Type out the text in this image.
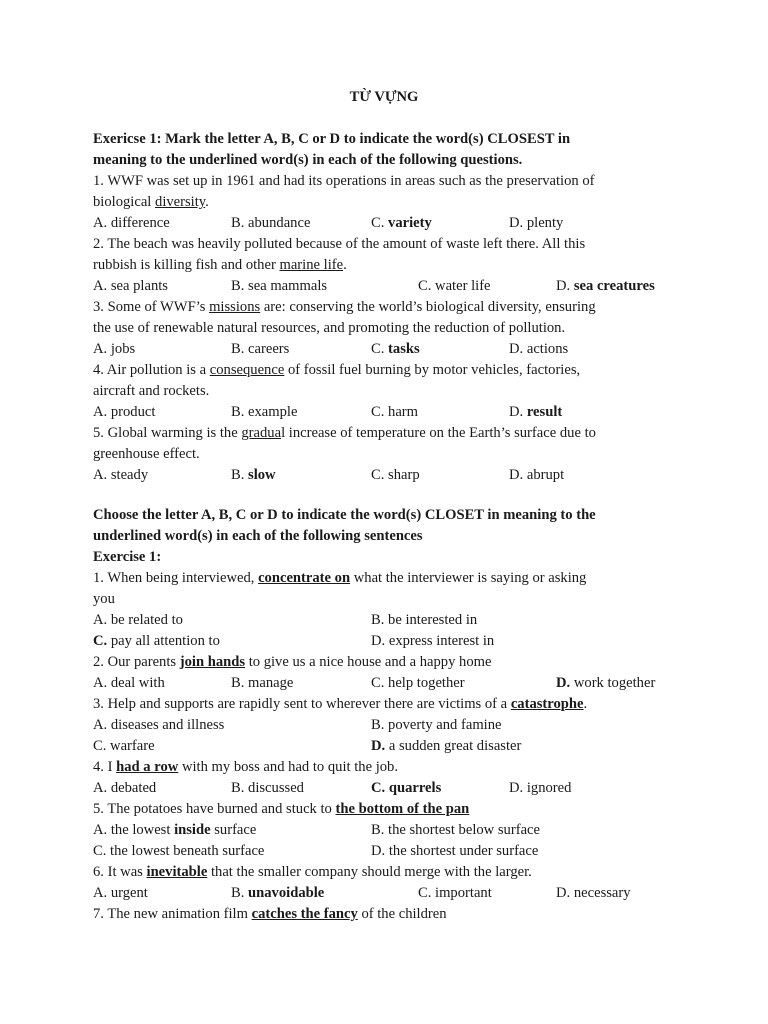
TỪ VỰNG
Exericse 1: Mark the letter A, B, C or D to indicate the word(s) CLOSEST in
meaning to the underlined word(s) in each of the following questions.
1. WWF was set up in 1961 and had its operations in areas such as the preservation of
biological diversity.
A. difference	B. abundance	C. variety	D. plenty
2. The beach was heavily polluted because of the amount of waste left there. All this
rubbish is killing fish and other marine life.
A. sea plants	B. sea mammals	C. water life	D. sea creatures
3. Some of WWF’s missions are: conserving the world’s biological diversity, ensuring
the use of renewable natural resources, and promoting the reduction of pollution.
A. jobs	B. careers	C. tasks	D. actions
4. Air pollution is a consequence of fossil fuel burning by motor vehicles, factories,
aircraft and rockets.
A. product	B. example	C. harm	D. result
5. Global warming is the gradual increase of temperature on the Earth’s surface due to
greenhouse effect.
A. steady	B. slow	C. sharp	D. abrupt
Choose the letter A, B, C or D to indicate the word(s) CLOSET in meaning to the
underlined word(s) in each of the following sentences
Exercise 1:
1. When being interviewed, concentrate on what the interviewer is saying or asking
you
A. be related to	B. be interested in
C. pay all attention to	D. express interest in
2. Our parents join hands to give us a nice house and a happy home
A. deal with	B. manage	C. help together	D. work together
3. Help and supports are rapidly sent to wherever there are victims of a catastrophe.
A. diseases and illness	B. poverty and famine
C. warfare	D. a sudden great disaster
4. I had a row with my boss and had to quit the job.
A. debated	B. discussed	C. quarrels	D. ignored
5. The potatoes have burned and stuck to the bottom of the pan
A. the lowest inside surface	B. the shortest below surface
C. the lowest beneath surface	D. the shortest under surface
6. It was inevitable that the smaller company should merge with the larger.
A. urgent	B. unavoidable	C. important	D. necessary
7. The new animation film catches the fancy of the children
